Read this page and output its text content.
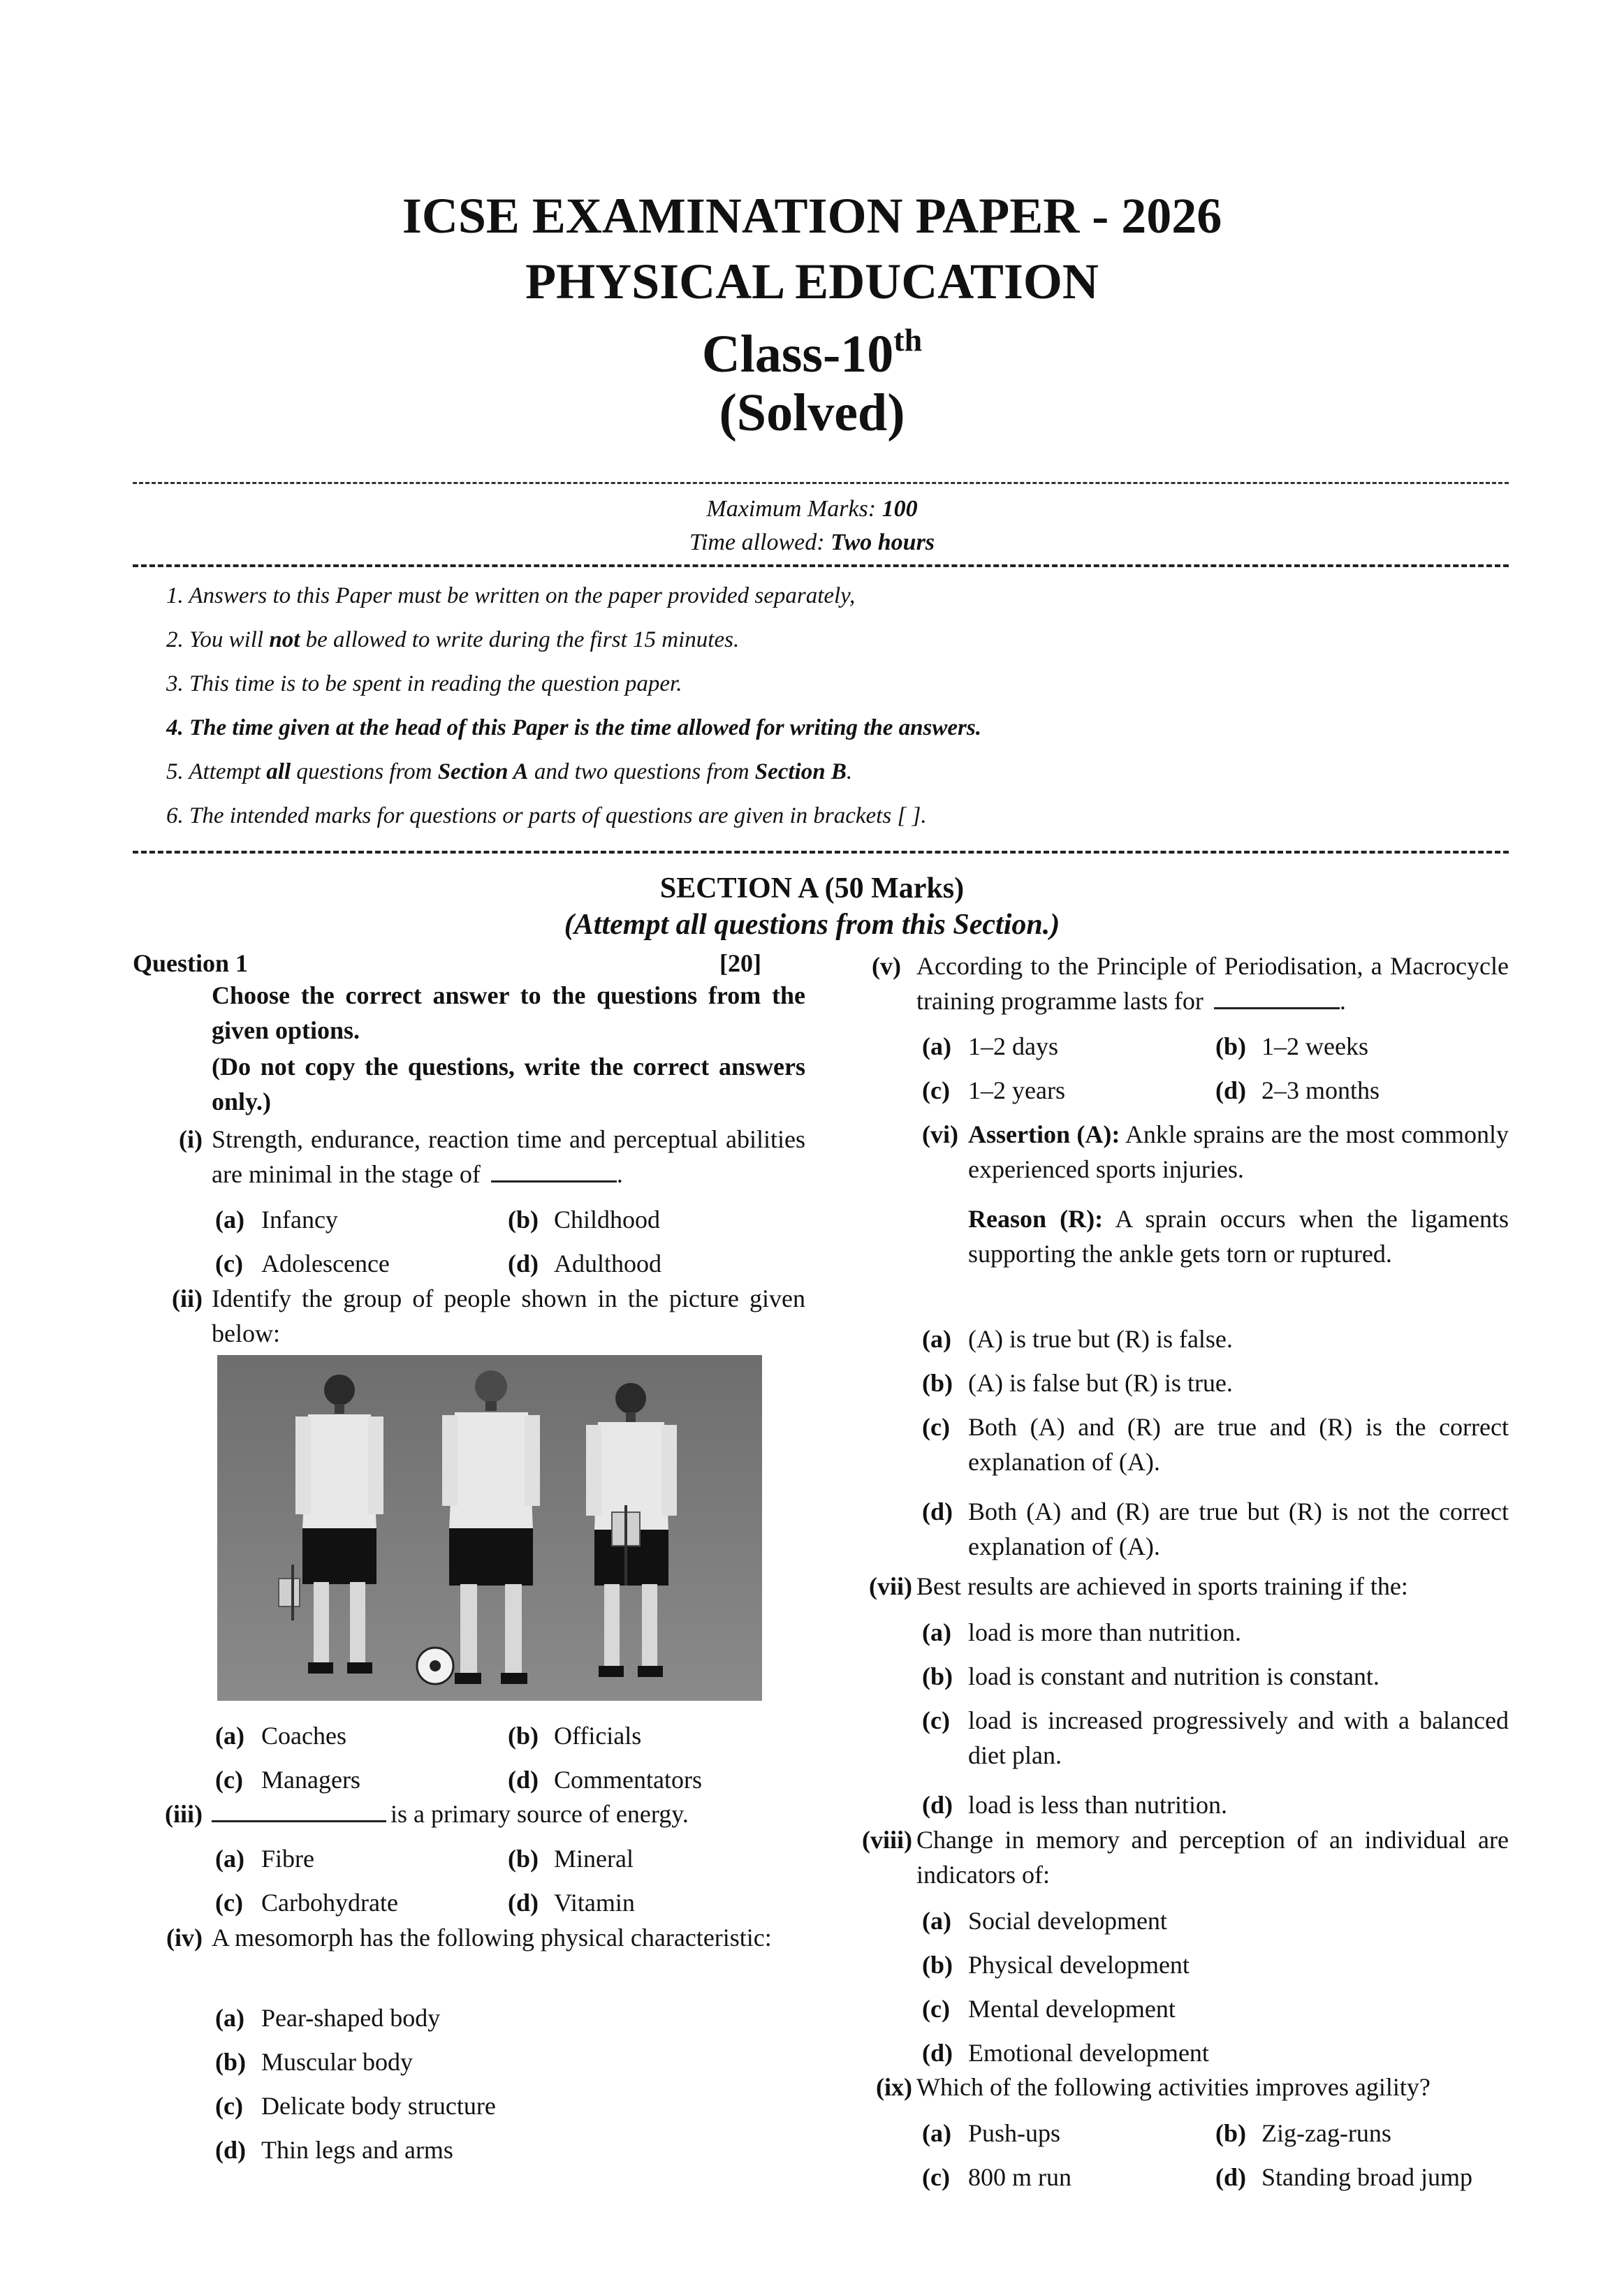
ICSE EXAMINATION PAPER - 2026
PHYSICAL EDUCATION
Class-10th
(Solved)
Maximum Marks: 100
Time allowed: Two hours
1. Answers to this Paper must be written on the paper provided separately,
2. You will not be allowed to write during the first 15 minutes.
3. This time is to be spent in reading the question paper.
4. The time given at the head of this Paper is the time allowed for writing the answers.
5. Attempt all questions from Section A and two questions from Section B.
6. The intended marks for questions or parts of questions are given in brackets [ ].
SECTION A (50 Marks)
(Attempt all questions from this Section.)
Question 1	[20]
Choose the correct answer to the questions from the given options.
(Do not copy the questions, write the correct answers only.)
(i) Strength, endurance, reaction time and perceptual abilities are minimal in the stage of	.
(a) Infancy	(b) Childhood
(c) Adolescence	(d) Adulthood
(ii) Identify the group of people shown in the picture given below:
(a) Coaches	(b) Officials
(c) Managers	(d) Commentators
(iii)	is a primary source of energy.
(a) Fibre	(b) Mineral
(c) Carbohydrate	(d) Vitamin
(iv) A mesomorph has the following physical characteristic:
(a) Pear-shaped body
(b) Muscular body
(c) Delicate body structure
(d) Thin legs and arms
(v) According to the Principle of Periodisation, a Macrocycle training programme lasts for	.
(a) 1–2 days	(b) 1–2 weeks
(c) 1–2 years	(d) 2–3 months
(vi) Assertion (A): Ankle sprains are the most commonly experienced sports injuries.
Reason (R): A sprain occurs when the ligaments supporting the ankle gets torn or ruptured.
(a) (A) is true but (R) is false.
(b) (A) is false but (R) is true.
(c) Both (A) and (R) are true and (R) is the correct explanation of (A).
(d) Both (A) and (R) are true but (R) is not the correct explanation of (A).
(vii) Best results are achieved in sports training if the:
(a) load is more than nutrition.
(b) load is constant and nutrition is constant.
(c) load is increased progressively and with a balanced diet plan.
(d) load is less than nutrition.
(viii) Change in memory and perception of an individual are indicators of:
(a) Social development
(b) Physical development
(c) Mental development
(d) Emotional development
(ix) Which of the following activities improves agility?
(a) Push-ups	(b) Zig-zag-runs
(c) 800 m run	(d) Standing broad jump
